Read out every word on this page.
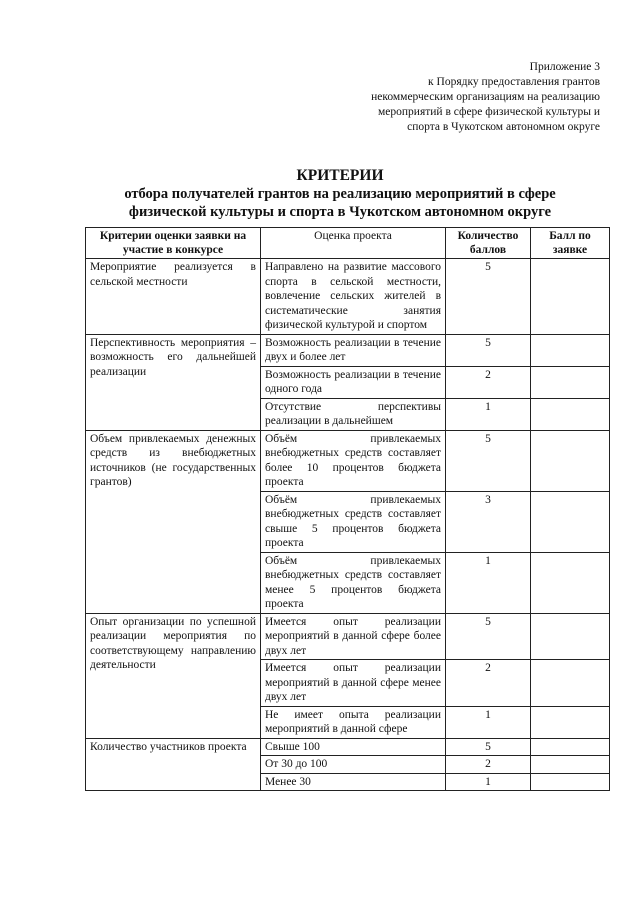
Приложение 3
к Порядку предоставления грантов
некоммерческим организациям на реализацию
мероприятий в сфере физической культуры и
спорта в Чукотском автономном округе
КРИТЕРИИ
отбора получателей грантов на реализацию мероприятий в сфере
физической культуры и спорта в Чукотском автономном округе
Критерии оценки заявки на участие в конкурсе	Оценка проекта	Количество баллов	Балл по заявке
Мероприятие реализуется в сельской местности	Направлено на развитие массового спорта в сельской местности, вовлечение сельских жителей в систематические занятия физической культурой и спортом	5	
Перспективность мероприятия – возможность его дальнейшей реализации	Возможность реализации в течение двух и более лет	5	
	Возможность реализации в течение одного года	2	
	Отсутствие перспективы реализации в дальнейшем	1	
Объем привлекаемых денежных средств из внебюджетных источников (не государственных грантов)	Объём привлекаемых внебюджетных средств составляет более 10 процентов бюджета проекта	5	
	Объём привлекаемых внебюджетных средств составляет свыше 5 процентов бюджета проекта	3	
	Объём привлекаемых внебюджетных средств составляет менее 5 процентов бюджета проекта	1	
Опыт организации по успешной реализации мероприятия по соответствующему направлению деятельности	Имеется опыт реализации мероприятий в данной сфере более двух лет	5	
	Имеется опыт реализации мероприятий в данной сфере менее двух лет	2	
	Не имеет опыта реализации мероприятий в данной сфере	1	
Количество участников проекта	Свыше 100	5	
	От 30 до 100	2	
	Менее 30	1	
